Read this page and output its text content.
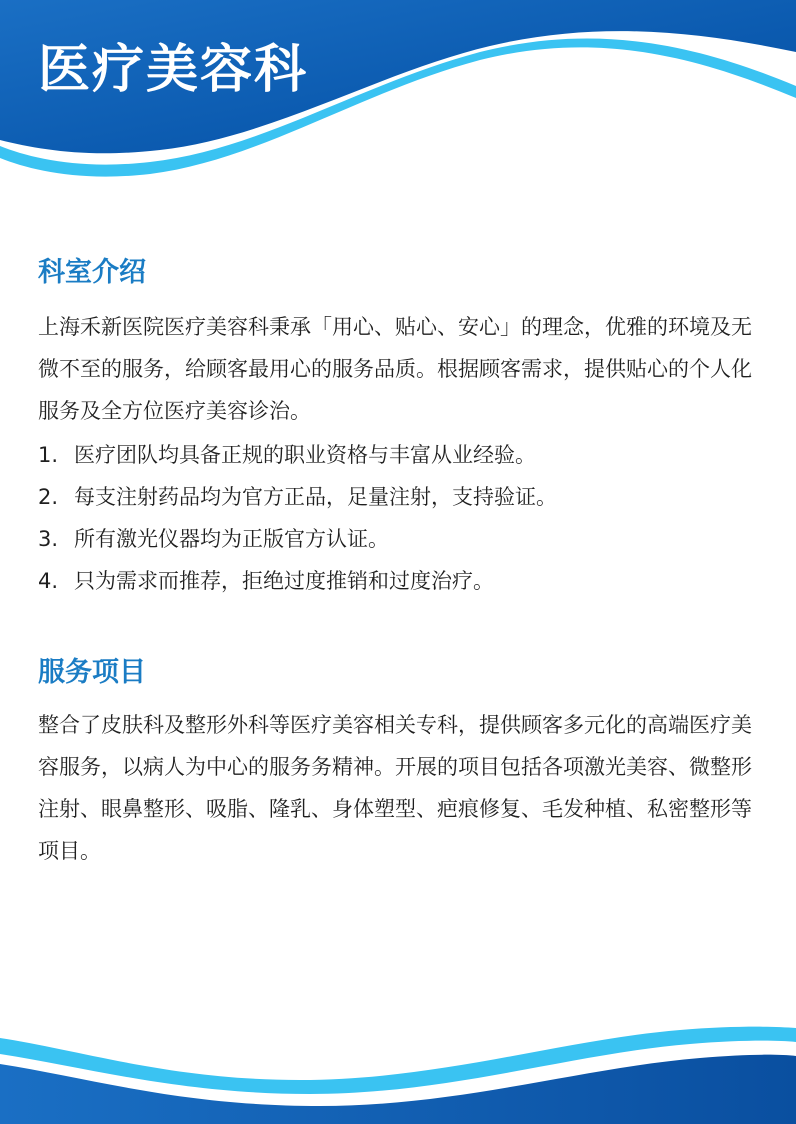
医疗美容科
科室介绍

上海禾新医院医疗美容科秉承「用心、贴心、安心」的理念，优雅的环境及无微不至的服务，给顾客最用心的服务品质。根据顾客需求，提供贴心的个人化服务及全方位医疗美容诊治。

1. 医疗团队均具备正规的职业资格与丰富从业经验。
2. 每支注射药品均为官方正品，足量注射，支持验证。
3. 所有激光仪器均为正版官方认证。
4. 只为需求而推荐，拒绝过度推销和过度治疗。
服务项目

整合了皮肤科及整形外科等医疗美容相关专科，提供顾客多元化的高端医疗美容服务，以病人为中心的服务务精神。开展的项目包括各项激光美容、微整形注射、眼鼻整形、吸脂、隆乳、身体塑型、疤痕修复、毛发种植、私密整形等项目。
